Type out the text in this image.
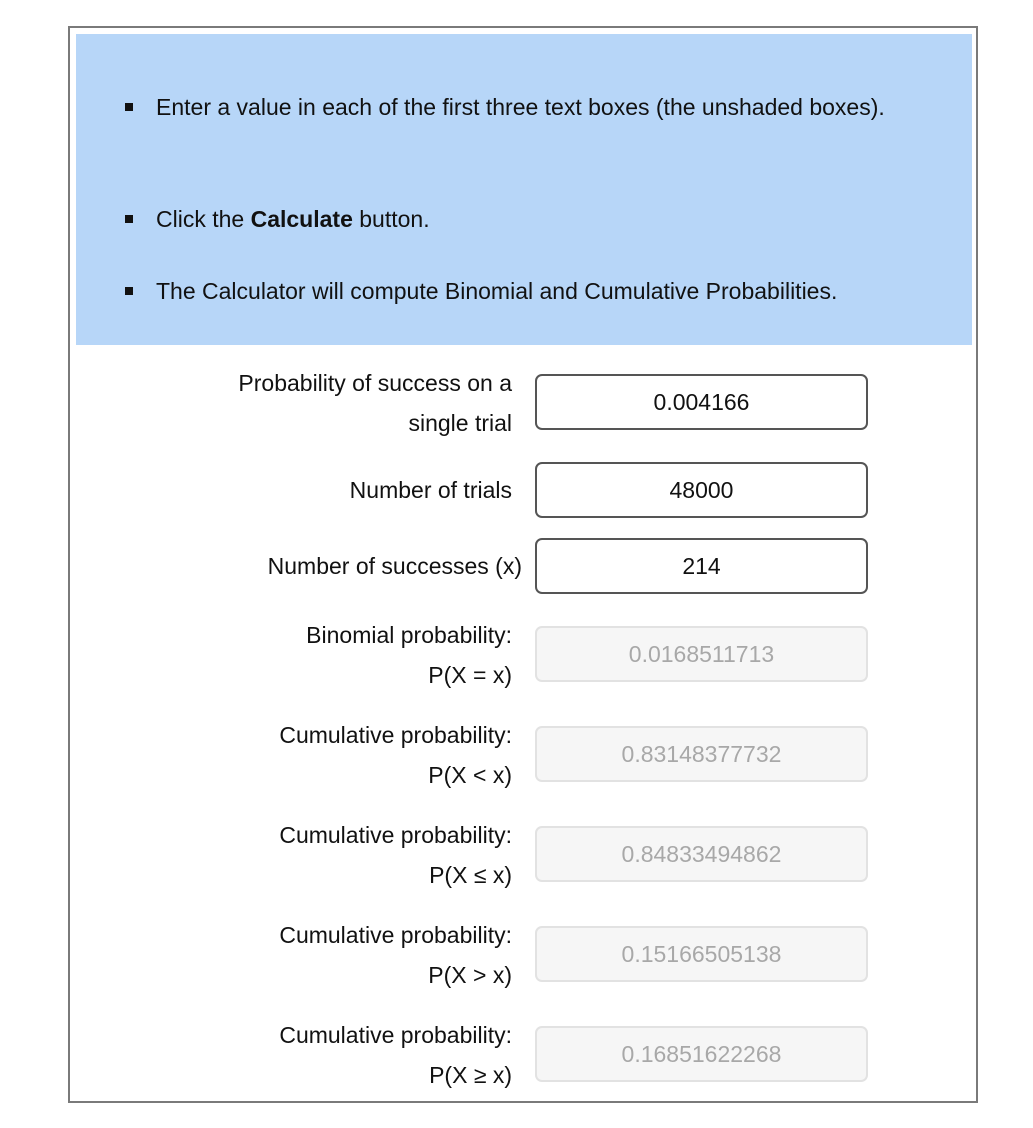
Enter a value in each of the first three text boxes (the unshaded boxes).
Click the Calculate button.
The Calculator will compute Binomial and Cumulative Probabilities.
Probability of success on a
single trial
0.004166
Number of trials
48000
Number of successes (x)
214
Binomial probability:
P(X = x)
0.0168511713
Cumulative probability:
P(X < x)
0.83148377732
Cumulative probability:
P(X ≤ x)
0.84833494862
Cumulative probability:
P(X > x)
0.15166505138
Cumulative probability:
P(X ≥ x)
0.16851622268
